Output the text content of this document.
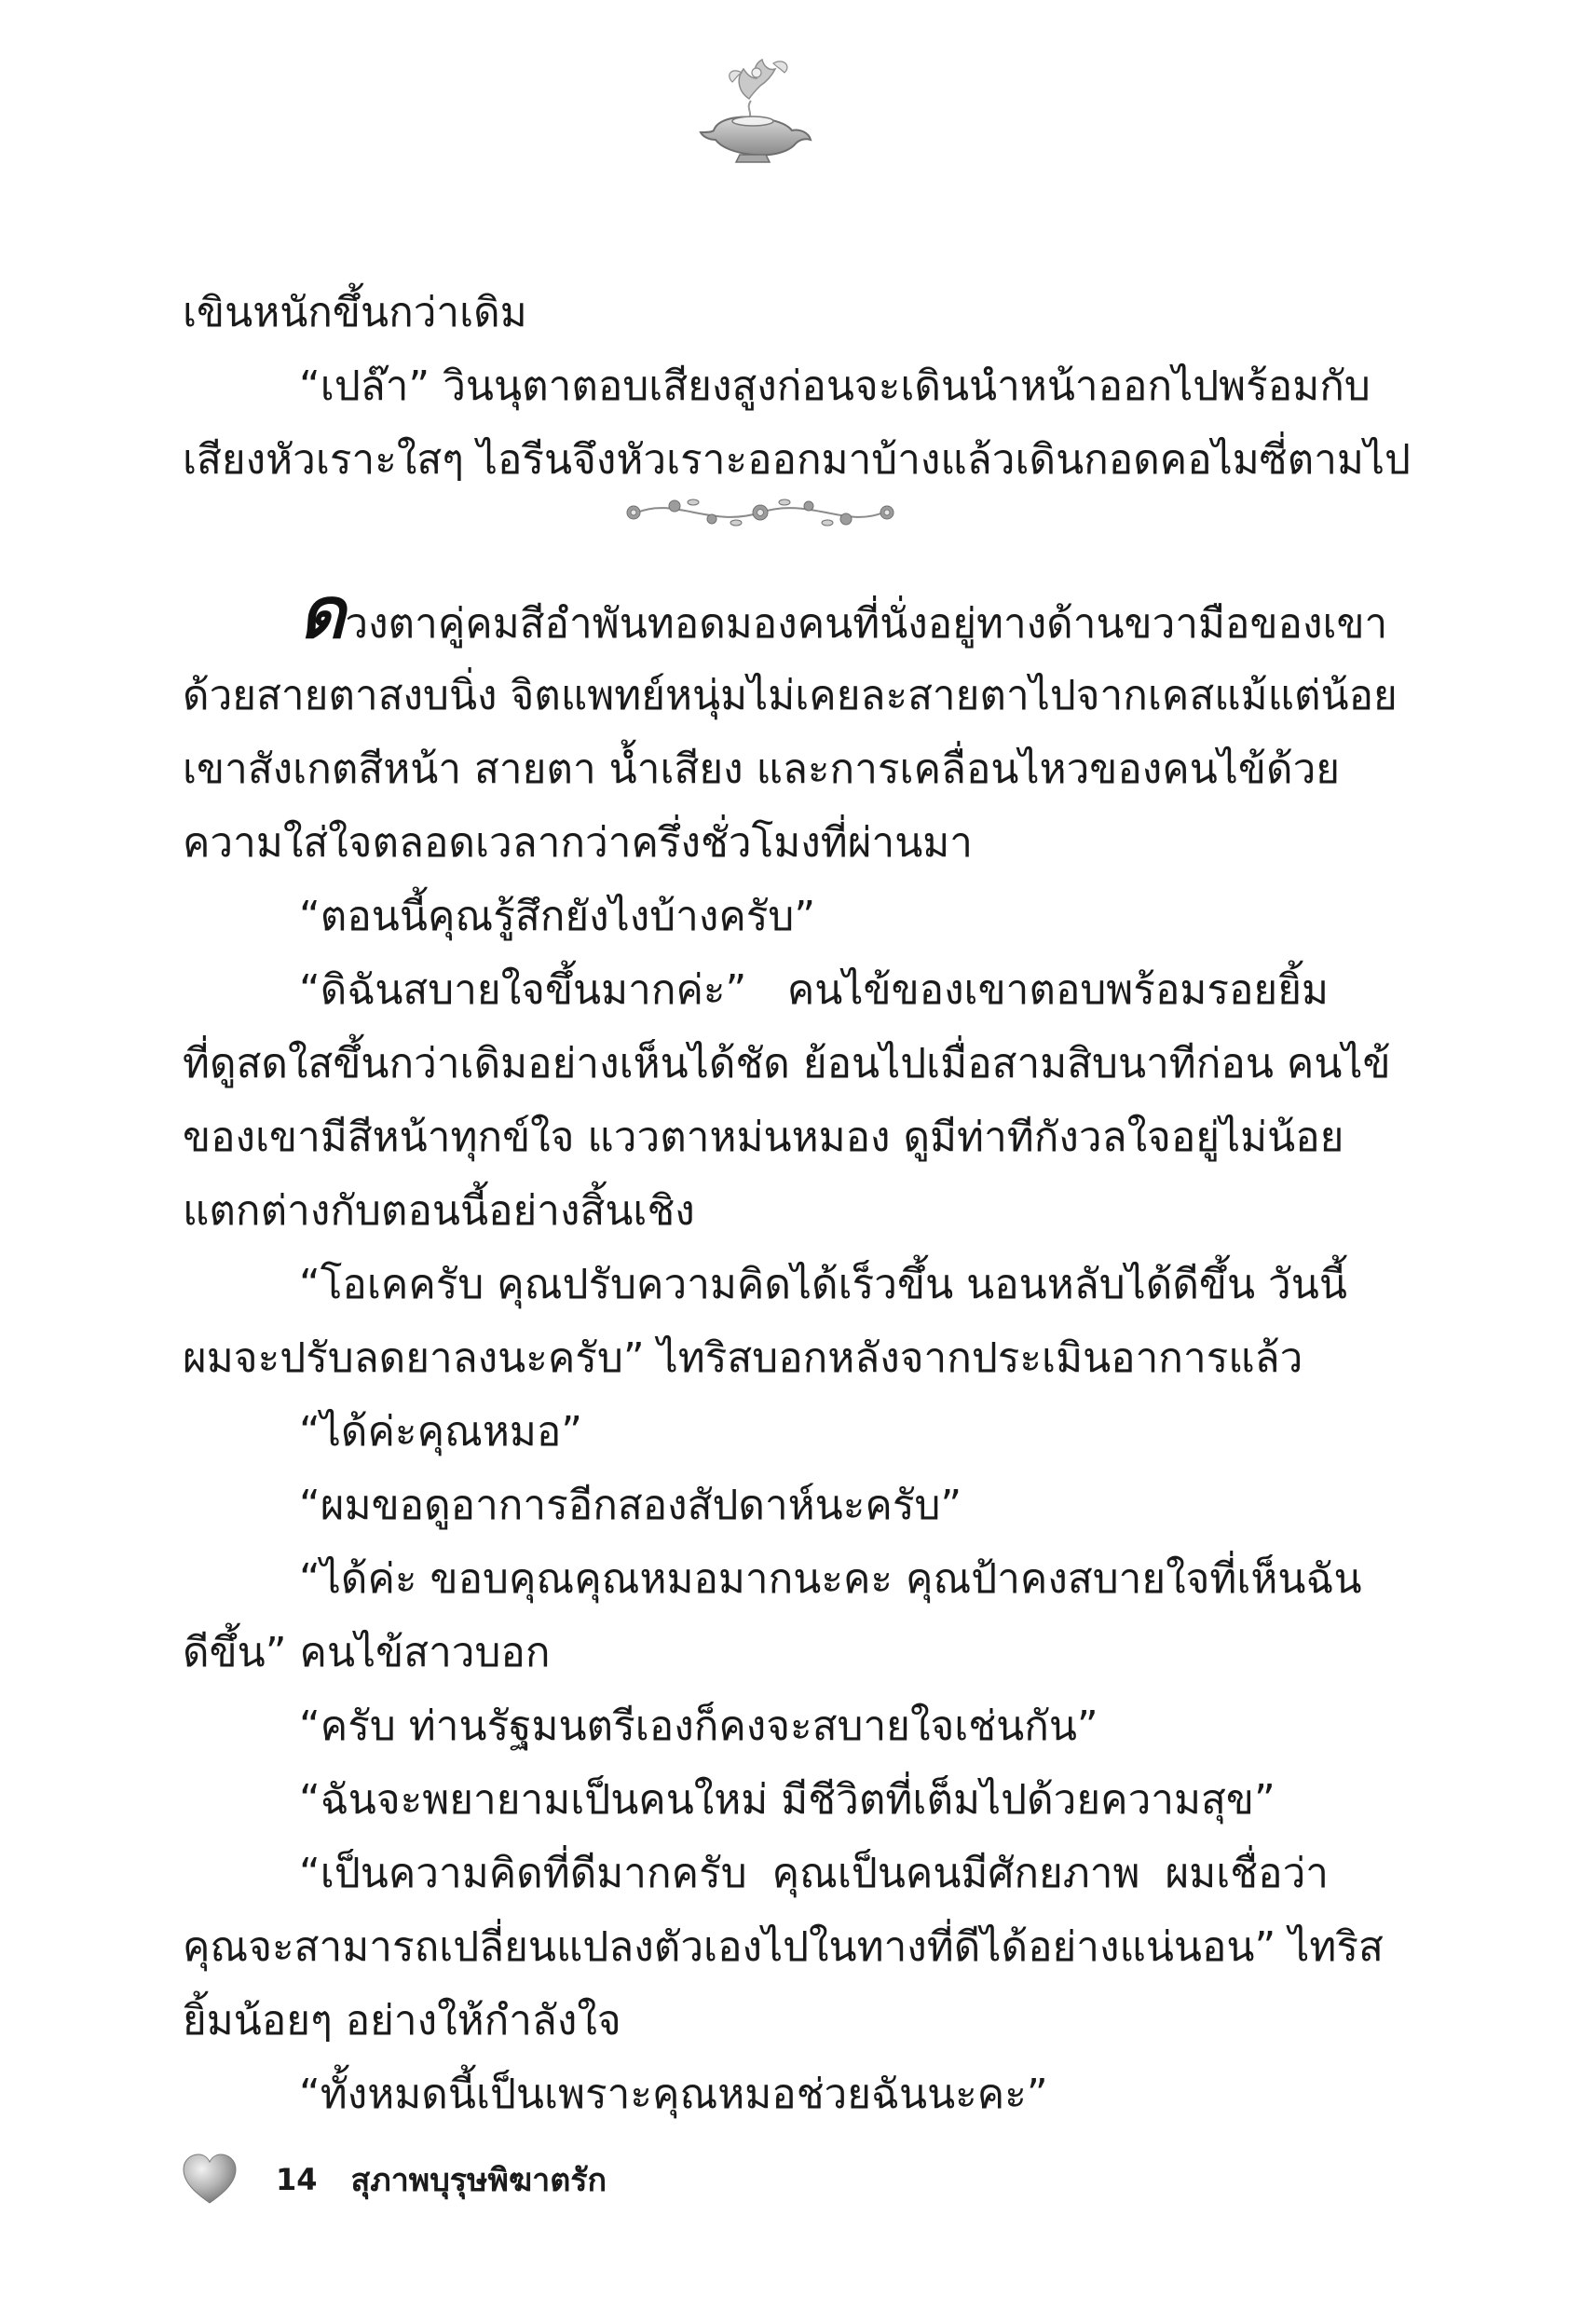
เขินหนักขึ้นกว่าเดิม
“เปล๊า” วินนุตาตอบเสียงสูงก่อนจะเดินนำหน้าออกไปพร้อมกับ
เสียงหัวเราะใสๆ ไอรีนจึงหัวเราะออกมาบ้างแล้วเดินกอดคอไมซี่ตามไป
ดวงตาคู่คมสีอำพันทอดมองคนที่นั่งอยู่ทางด้านขวามือของเขา
ด้วยสายตาสงบนิ่ง จิตแพทย์หนุ่มไม่เคยละสายตาไปจากเคสแม้แต่น้อย
เขาสังเกตสีหน้า สายตา น้ำเสียง และการเคลื่อนไหวของคนไข้ด้วย
ความใส่ใจตลอดเวลากว่าครึ่งชั่วโมงที่ผ่านมา
“ตอนนี้คุณรู้สึกยังไงบ้างครับ”
“ดิฉันสบายใจขึ้นมากค่ะ” คนไข้ของเขาตอบพร้อมรอยยิ้ม
ที่ดูสดใสขึ้นกว่าเดิมอย่างเห็นได้ชัด ย้อนไปเมื่อสามสิบนาทีก่อน คนไข้
ของเขามีสีหน้าทุกข์ใจ แววตาหม่นหมอง ดูมีท่าทีกังวลใจอยู่ไม่น้อย
แตกต่างกับตอนนี้อย่างสิ้นเชิง
“โอเคครับ คุณปรับความคิดได้เร็วขึ้น นอนหลับได้ดีขึ้น วันนี้
ผมจะปรับลดยาลงนะครับ” ไทริสบอกหลังจากประเมินอาการแล้ว
“ได้ค่ะคุณหมอ”
“ผมขอดูอาการอีกสองสัปดาห์นะครับ”
“ได้ค่ะ ขอบคุณคุณหมอมากนะคะ คุณป้าคงสบายใจที่เห็นฉัน
ดีขึ้น” คนไข้สาวบอก
“ครับ ท่านรัฐมนตรีเองก็คงจะสบายใจเช่นกัน”
“ฉันจะพยายามเป็นคนใหม่ มีชีวิตที่เต็มไปด้วยความสุข”
“เป็นความคิดที่ดีมากครับ คุณเป็นคนมีศักยภาพ ผมเชื่อว่า
คุณจะสามารถเปลี่ยนแปลงตัวเองไปในทางที่ดีได้อย่างแน่นอน” ไทริส
ยิ้มน้อยๆ อย่างให้กำลังใจ
“ทั้งหมดนี้เป็นเพราะคุณหมอช่วยฉันนะคะ”
14 สุภาพบุรุษพิฆาตรัก
